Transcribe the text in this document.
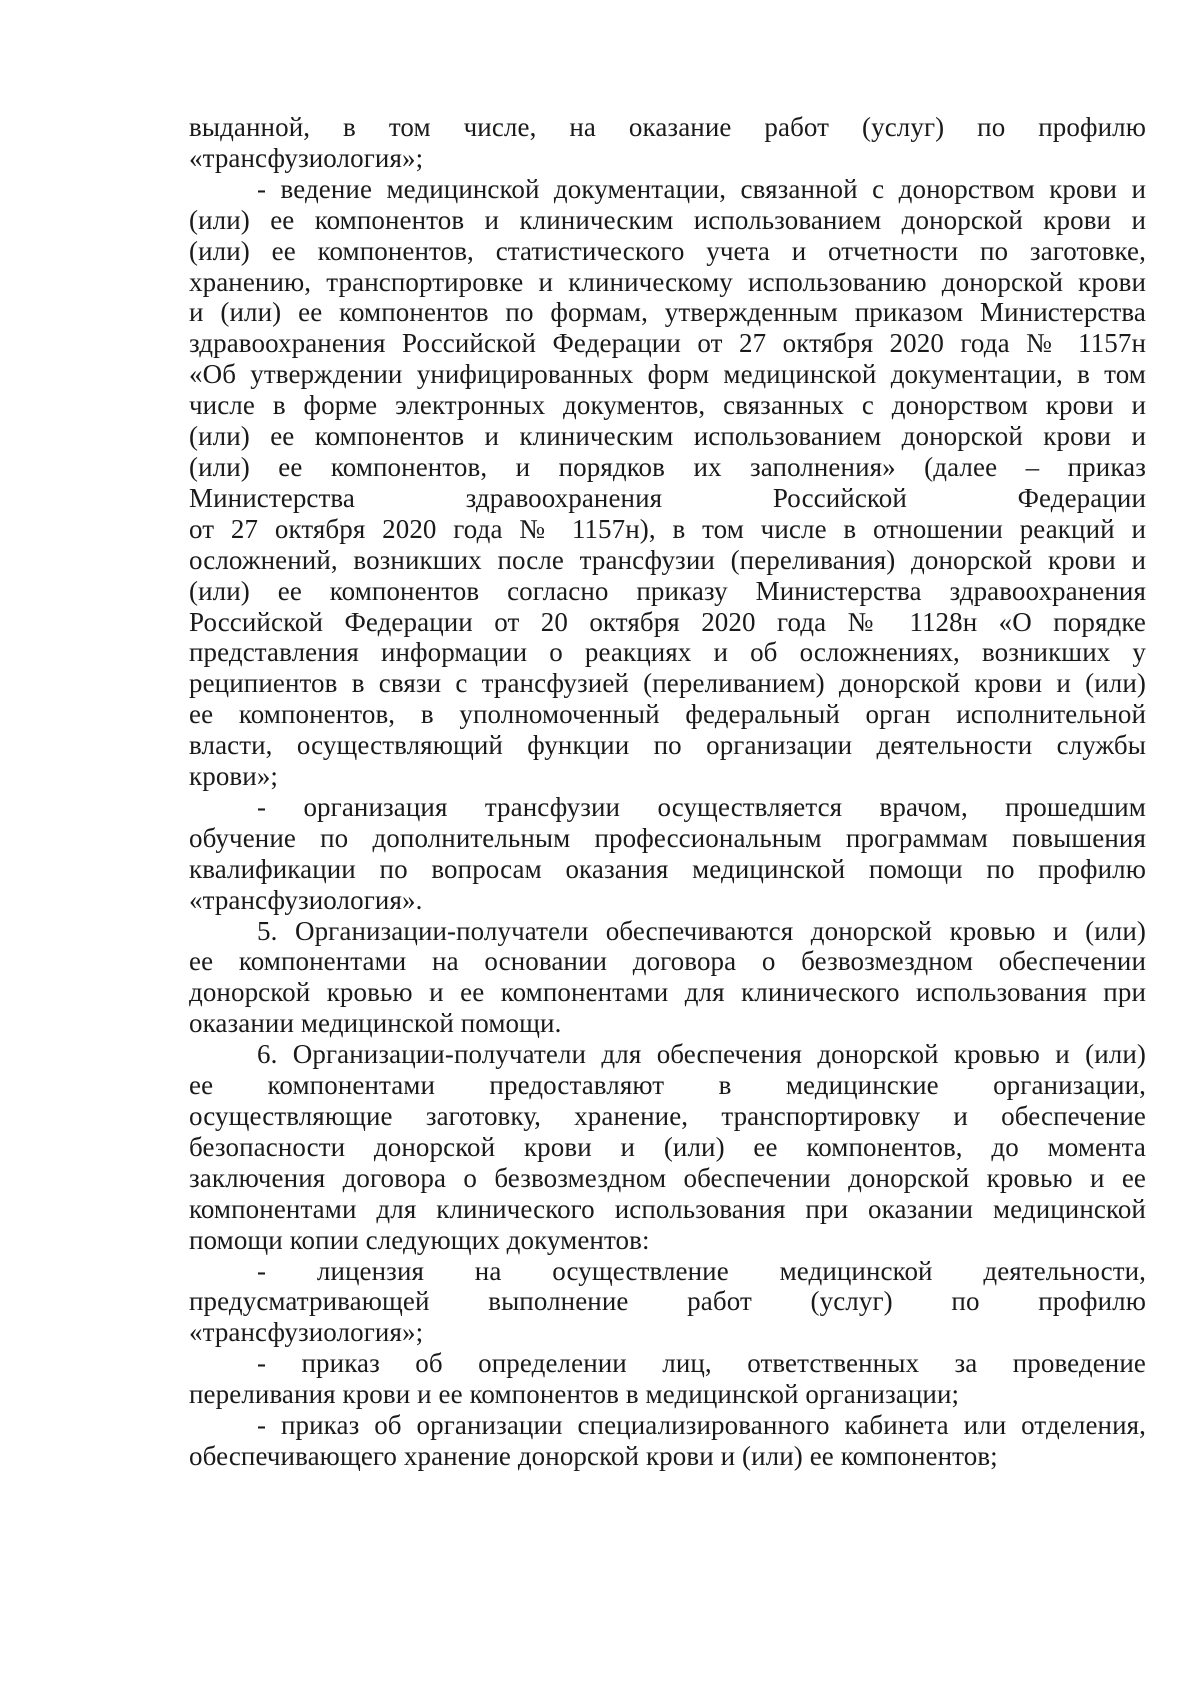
выданной, в том числе, на оказание работ (услуг) по профилю
«трансфузиология»;
- ведение медицинской документации, связанной с донорством крови и
(или) ее компонентов и клиническим использованием донорской крови и
(или) ее компонентов, статистического учета и отчетности по заготовке,
хранению, транспортировке и клиническому использованию донорской крови
и (или) ее компонентов по формам, утвержденным приказом Министерства
здравоохранения Российской Федерации от 27 октября 2020 года № 1157н
«Об утверждении унифицированных форм медицинской документации, в том
числе в форме электронных документов, связанных с донорством крови и
(или) ее компонентов и клиническим использованием донорской крови и
(или) ее компонентов, и порядков их заполнения» (далее – приказ
Министерства здравоохранения Российской Федерации
от 27 октября 2020 года № 1157н), в том числе в отношении реакций и
осложнений, возникших после трансфузии (переливания) донорской крови и
(или) ее компонентов согласно приказу Министерства здравоохранения
Российской Федерации от 20 октября 2020 года № 1128н «О порядке
представления информации о реакциях и об осложнениях, возникших у
реципиентов в связи с трансфузией (переливанием) донорской крови и (или)
ее компонентов, в уполномоченный федеральный орган исполнительной
власти, осуществляющий функции по организации деятельности службы
крови»;
- организация трансфузии осуществляется врачом, прошедшим
обучение по дополнительным профессиональным программам повышения
квалификации по вопросам оказания медицинской помощи по профилю
«трансфузиология».
5. Организации-получатели обеспечиваются донорской кровью и (или)
ее компонентами на основании договора о безвозмездном обеспечении
донорской кровью и ее компонентами для клинического использования при
оказании медицинской помощи.
6. Организации-получатели для обеспечения донорской кровью и (или)
ее компонентами предоставляют в медицинские организации,
осуществляющие заготовку, хранение, транспортировку и обеспечение
безопасности донорской крови и (или) ее компонентов, до момента
заключения договора о безвозмездном обеспечении донорской кровью и ее
компонентами для клинического использования при оказании медицинской
помощи копии следующих документов:
- лицензия на осуществление медицинской деятельности,
предусматривающей выполнение работ (услуг) по профилю
«трансфузиология»;
- приказ об определении лиц, ответственных за проведение
переливания крови и ее компонентов в медицинской организации;
- приказ об организации специализированного кабинета или отделения,
обеспечивающего хранение донорской крови и (или) ее компонентов;
